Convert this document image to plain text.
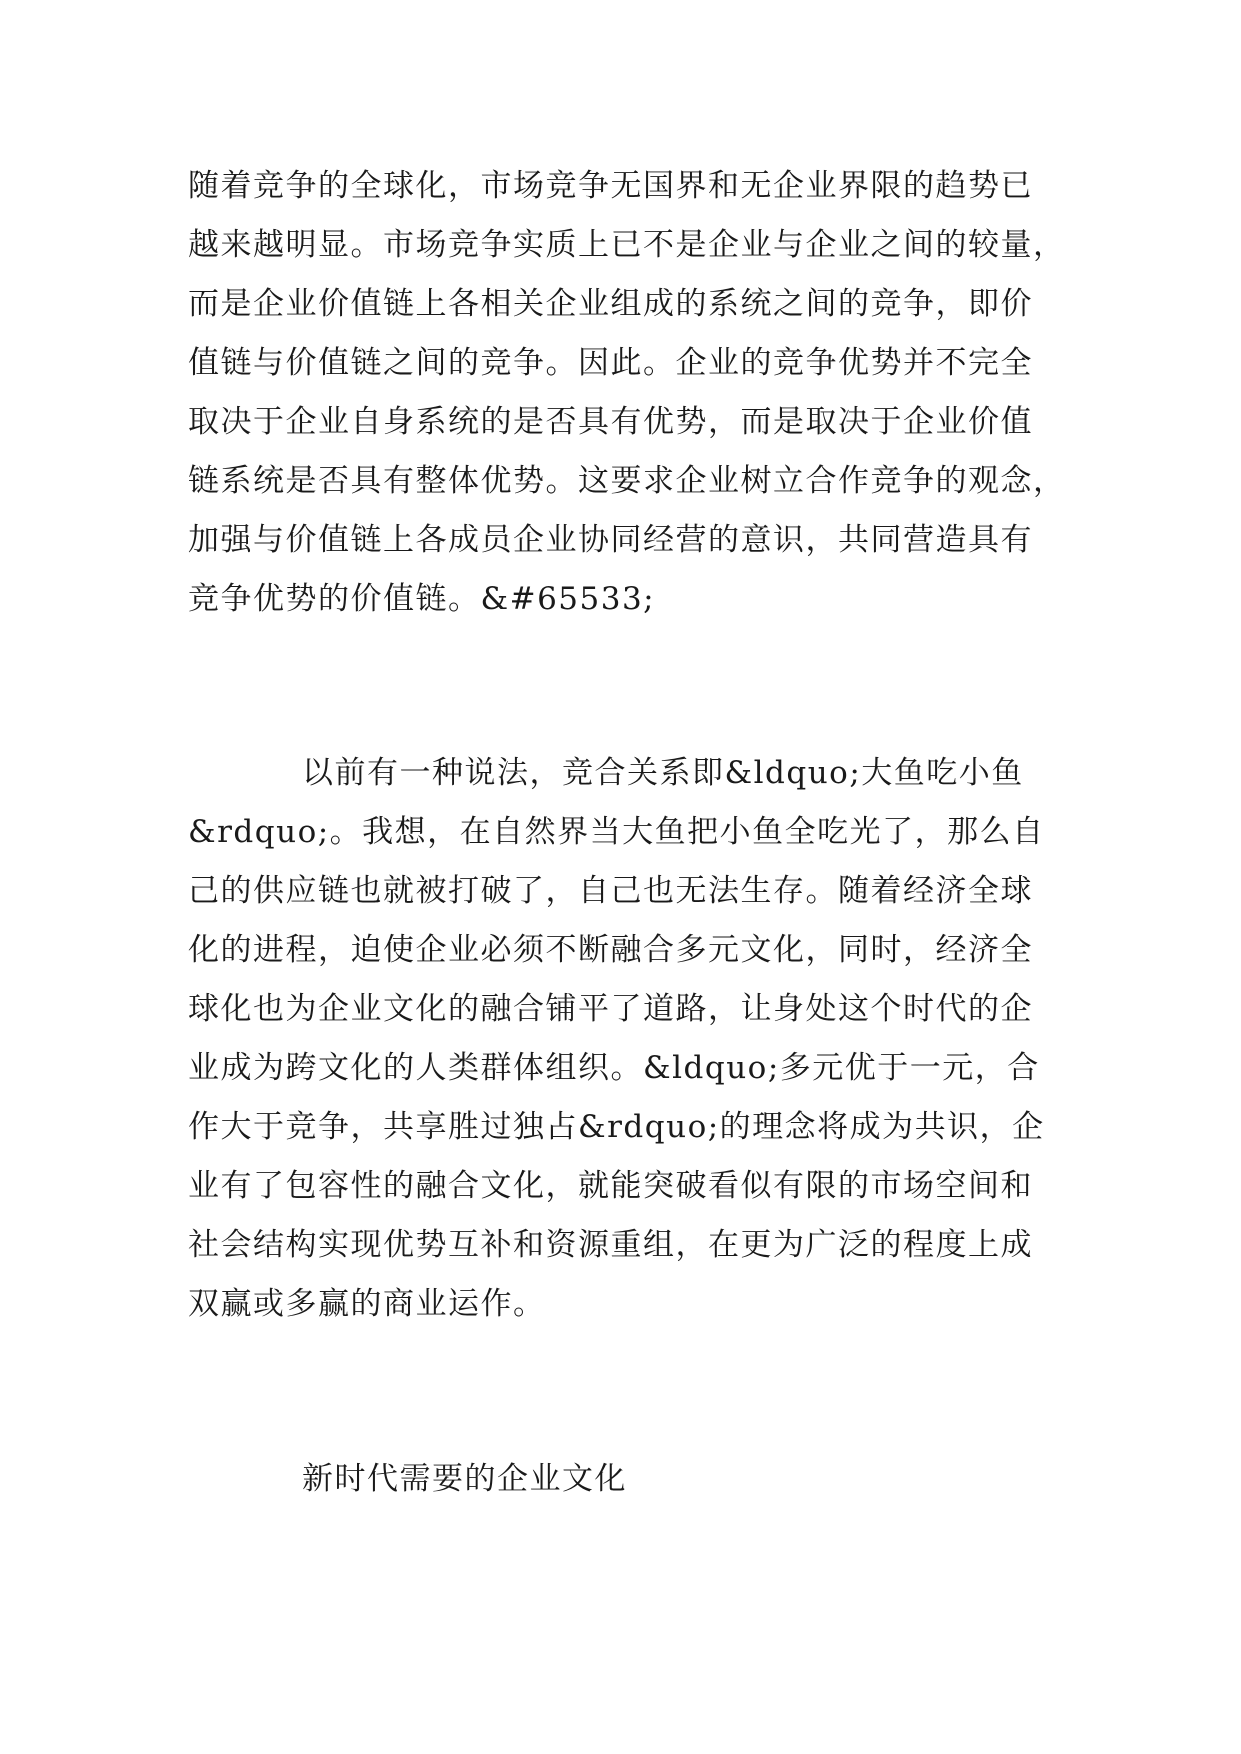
随着竞争的全球化，市场竞争无国界和无企业界限的趋势已
越来越明显。市场竞争实质上已不是企业与企业之间的较量，
而是企业价值链上各相关企业组成的系统之间的竞争，即价
值链与价值链之间的竞争。因此。企业的竞争优势并不完全
取决于企业自身系统的是否具有优势，而是取决于企业价值
链系统是否具有整体优势。这要求企业树立合作竞争的观念，
加强与价值链上各成员企业协同经营的意识，共同营造具有
竞争优势的价值链。&#65533;
以前有一种说法，竞合关系即&ldquo;大鱼吃小鱼
&rdquo;。我想，在自然界当大鱼把小鱼全吃光了，那么自
己的供应链也就被打破了，自己也无法生存。随着经济全球
化的进程，迫使企业必须不断融合多元文化，同时，经济全
球化也为企业文化的融合铺平了道路，让身处这个时代的企
业成为跨文化的人类群体组织。&ldquo;多元优于一元，合
作大于竞争，共享胜过独占&rdquo;的理念将成为共识，企
业有了包容性的融合文化，就能突破看似有限的市场空间和
社会结构实现优势互补和资源重组，在更为广泛的程度上成
双赢或多赢的商业运作。
新时代需要的企业文化
